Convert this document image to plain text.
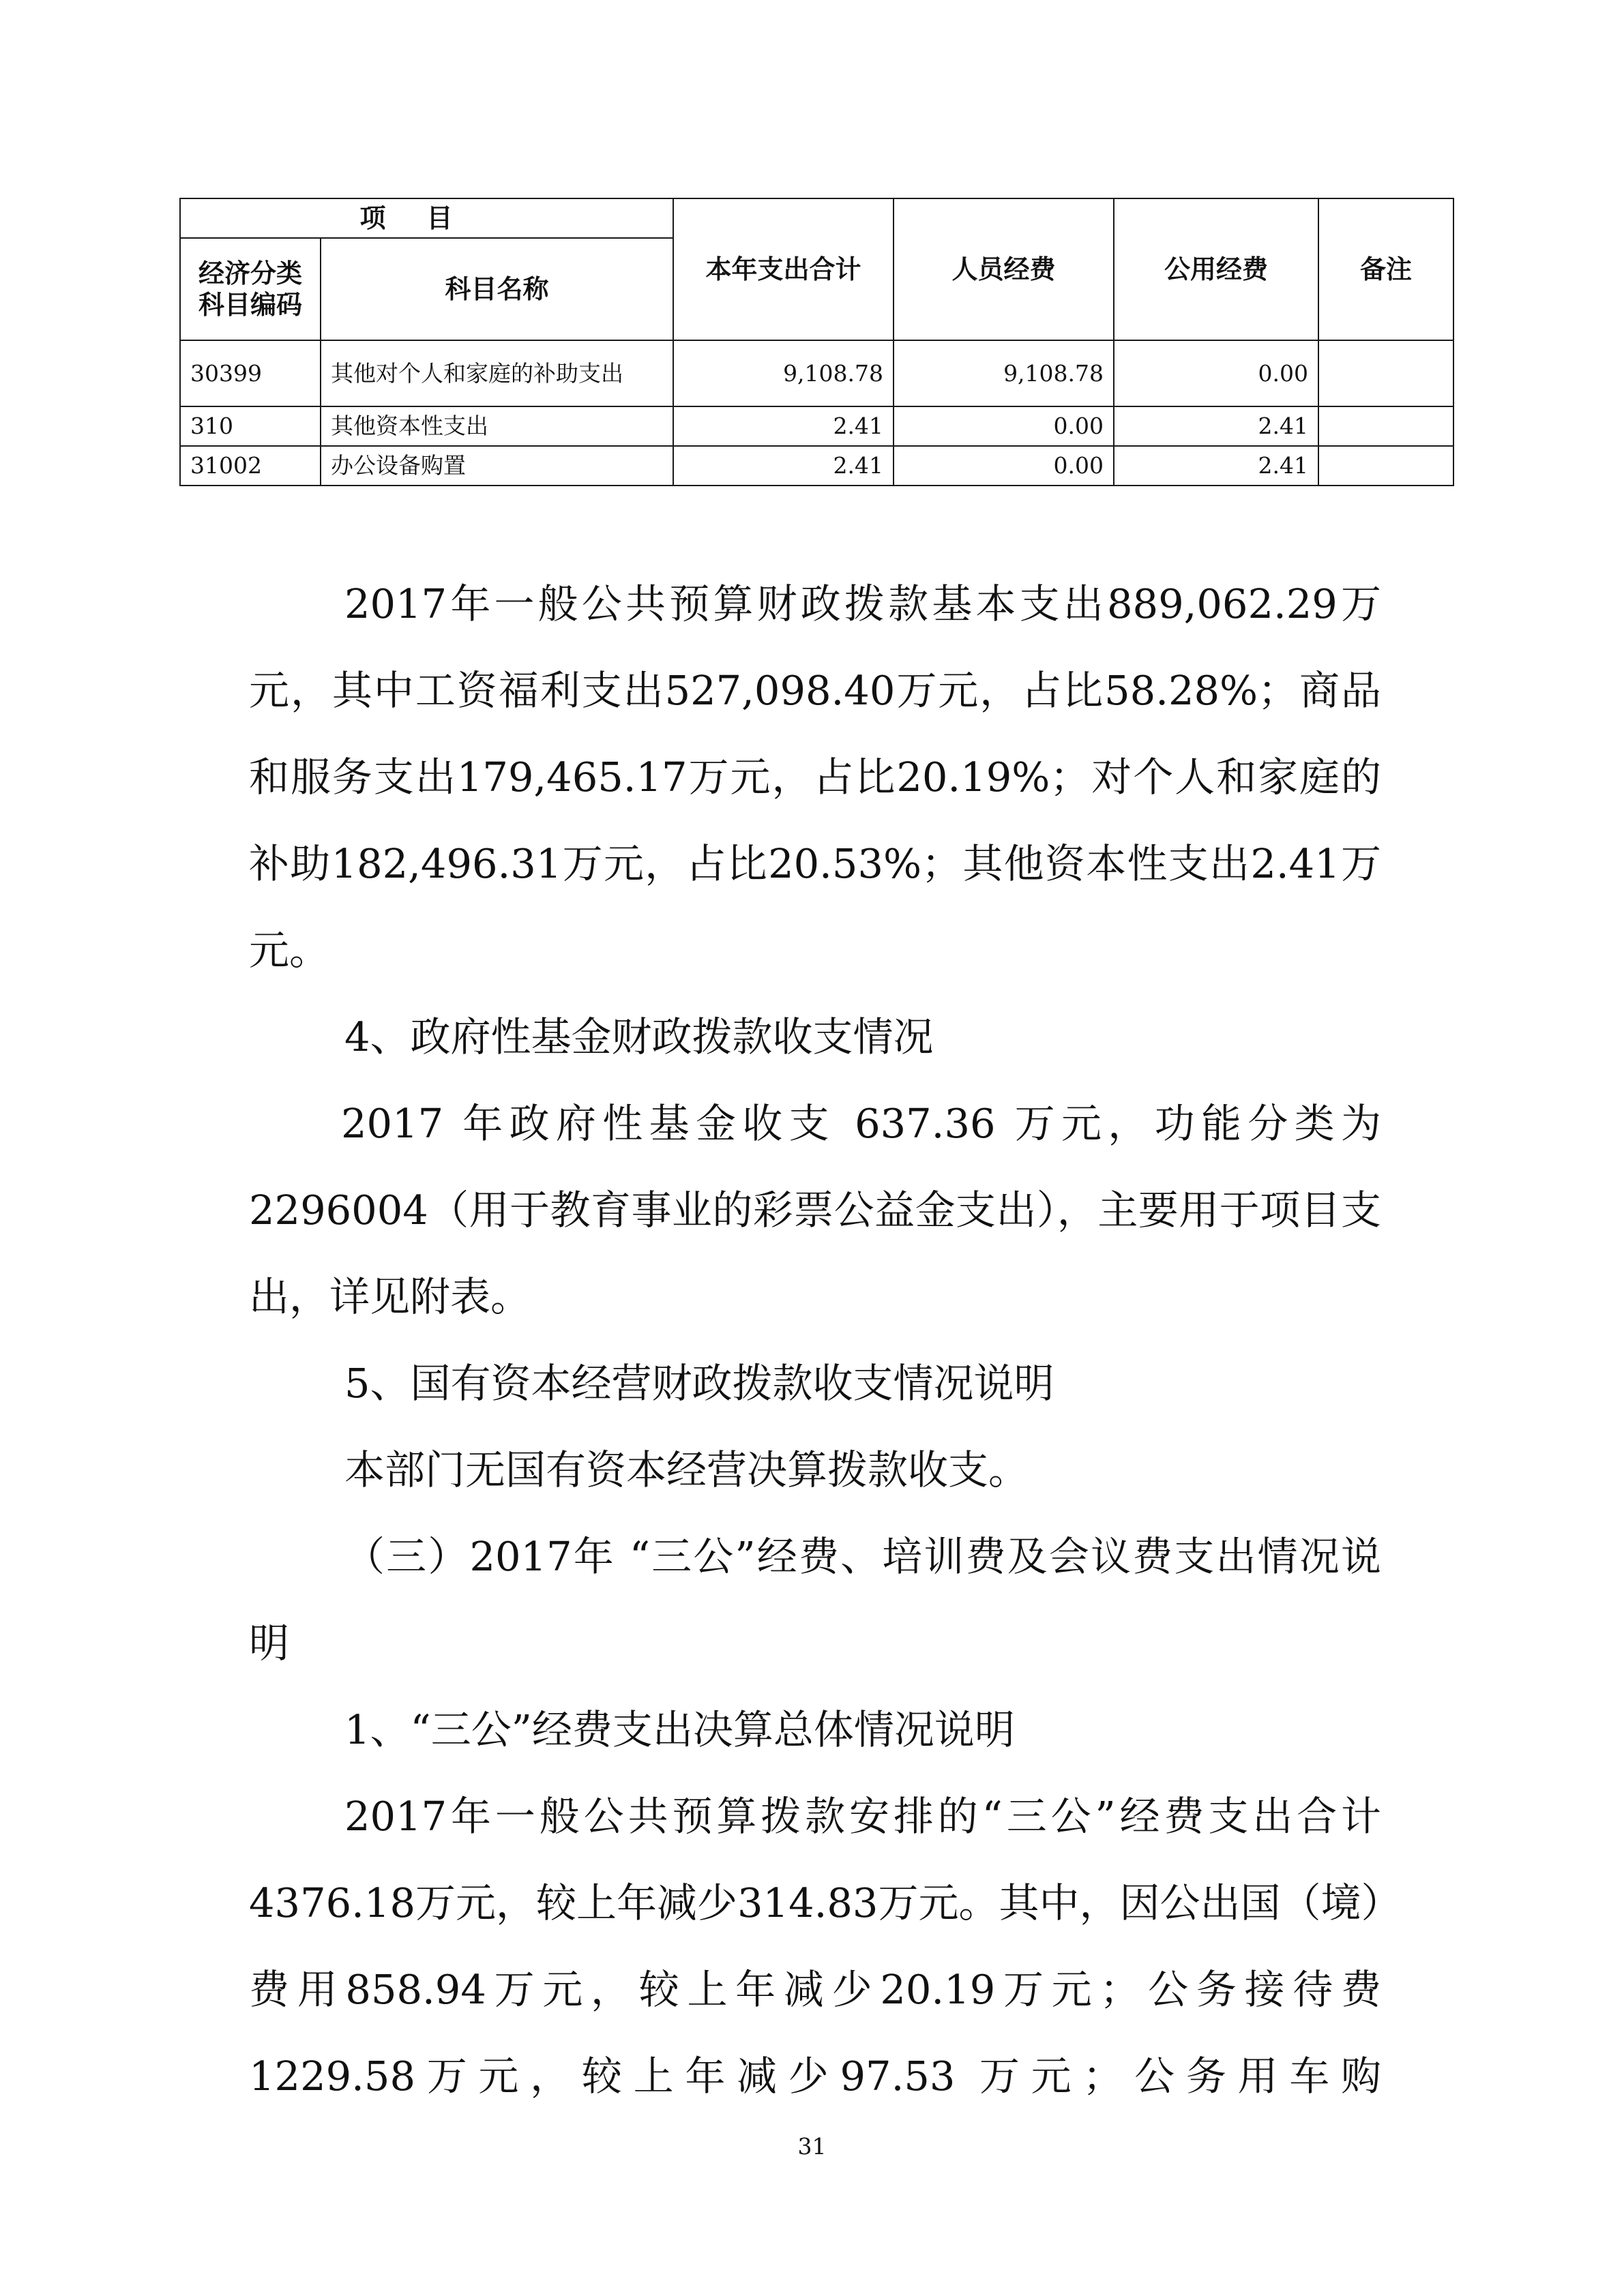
项目		本年支出合计	人员经费	公用经费	备注
经济分类科目编码	科目名称				
30399	其他对个人和家庭的补助支出	9,108.78	9,108.78	0.00	
310	其他资本性支出	2.41	0.00	2.41	
31002	办公设备购置	2.41	0.00	2.41	

2017年一般公共预算财政拨款基本支出889,062.29万元，其中工资福利支出527,098.40万元，占比58.28%；商品和服务支出179,465.17万元，占比20.19%；对个人和家庭的补助182,496.31万元，占比20.53%；其他资本性支出2.41万元。

4、政府性基金财政拨款收支情况

2017 年政府性基金收支 637.36 万元，功能分类为2296004（用于教育事业的彩票公益金支出），主要用于项目支出，详见附表。

5、国有资本经营财政拨款收支情况说明

本部门无国有资本经营决算拨款收支。

（三）2017年 “三公”经费、培训费及会议费支出情况说明

1、“三公”经费支出决算总体情况说明

2017年一般公共预算拨款安排的“三公”经费支出合计4376.18万元，较上年减少314.83万元。其中，因公出国（境）费用858.94万元，较上年减少20.19万元；公务接待费1229.58万元，较上年减少97.53 万元；公务用车购

31
